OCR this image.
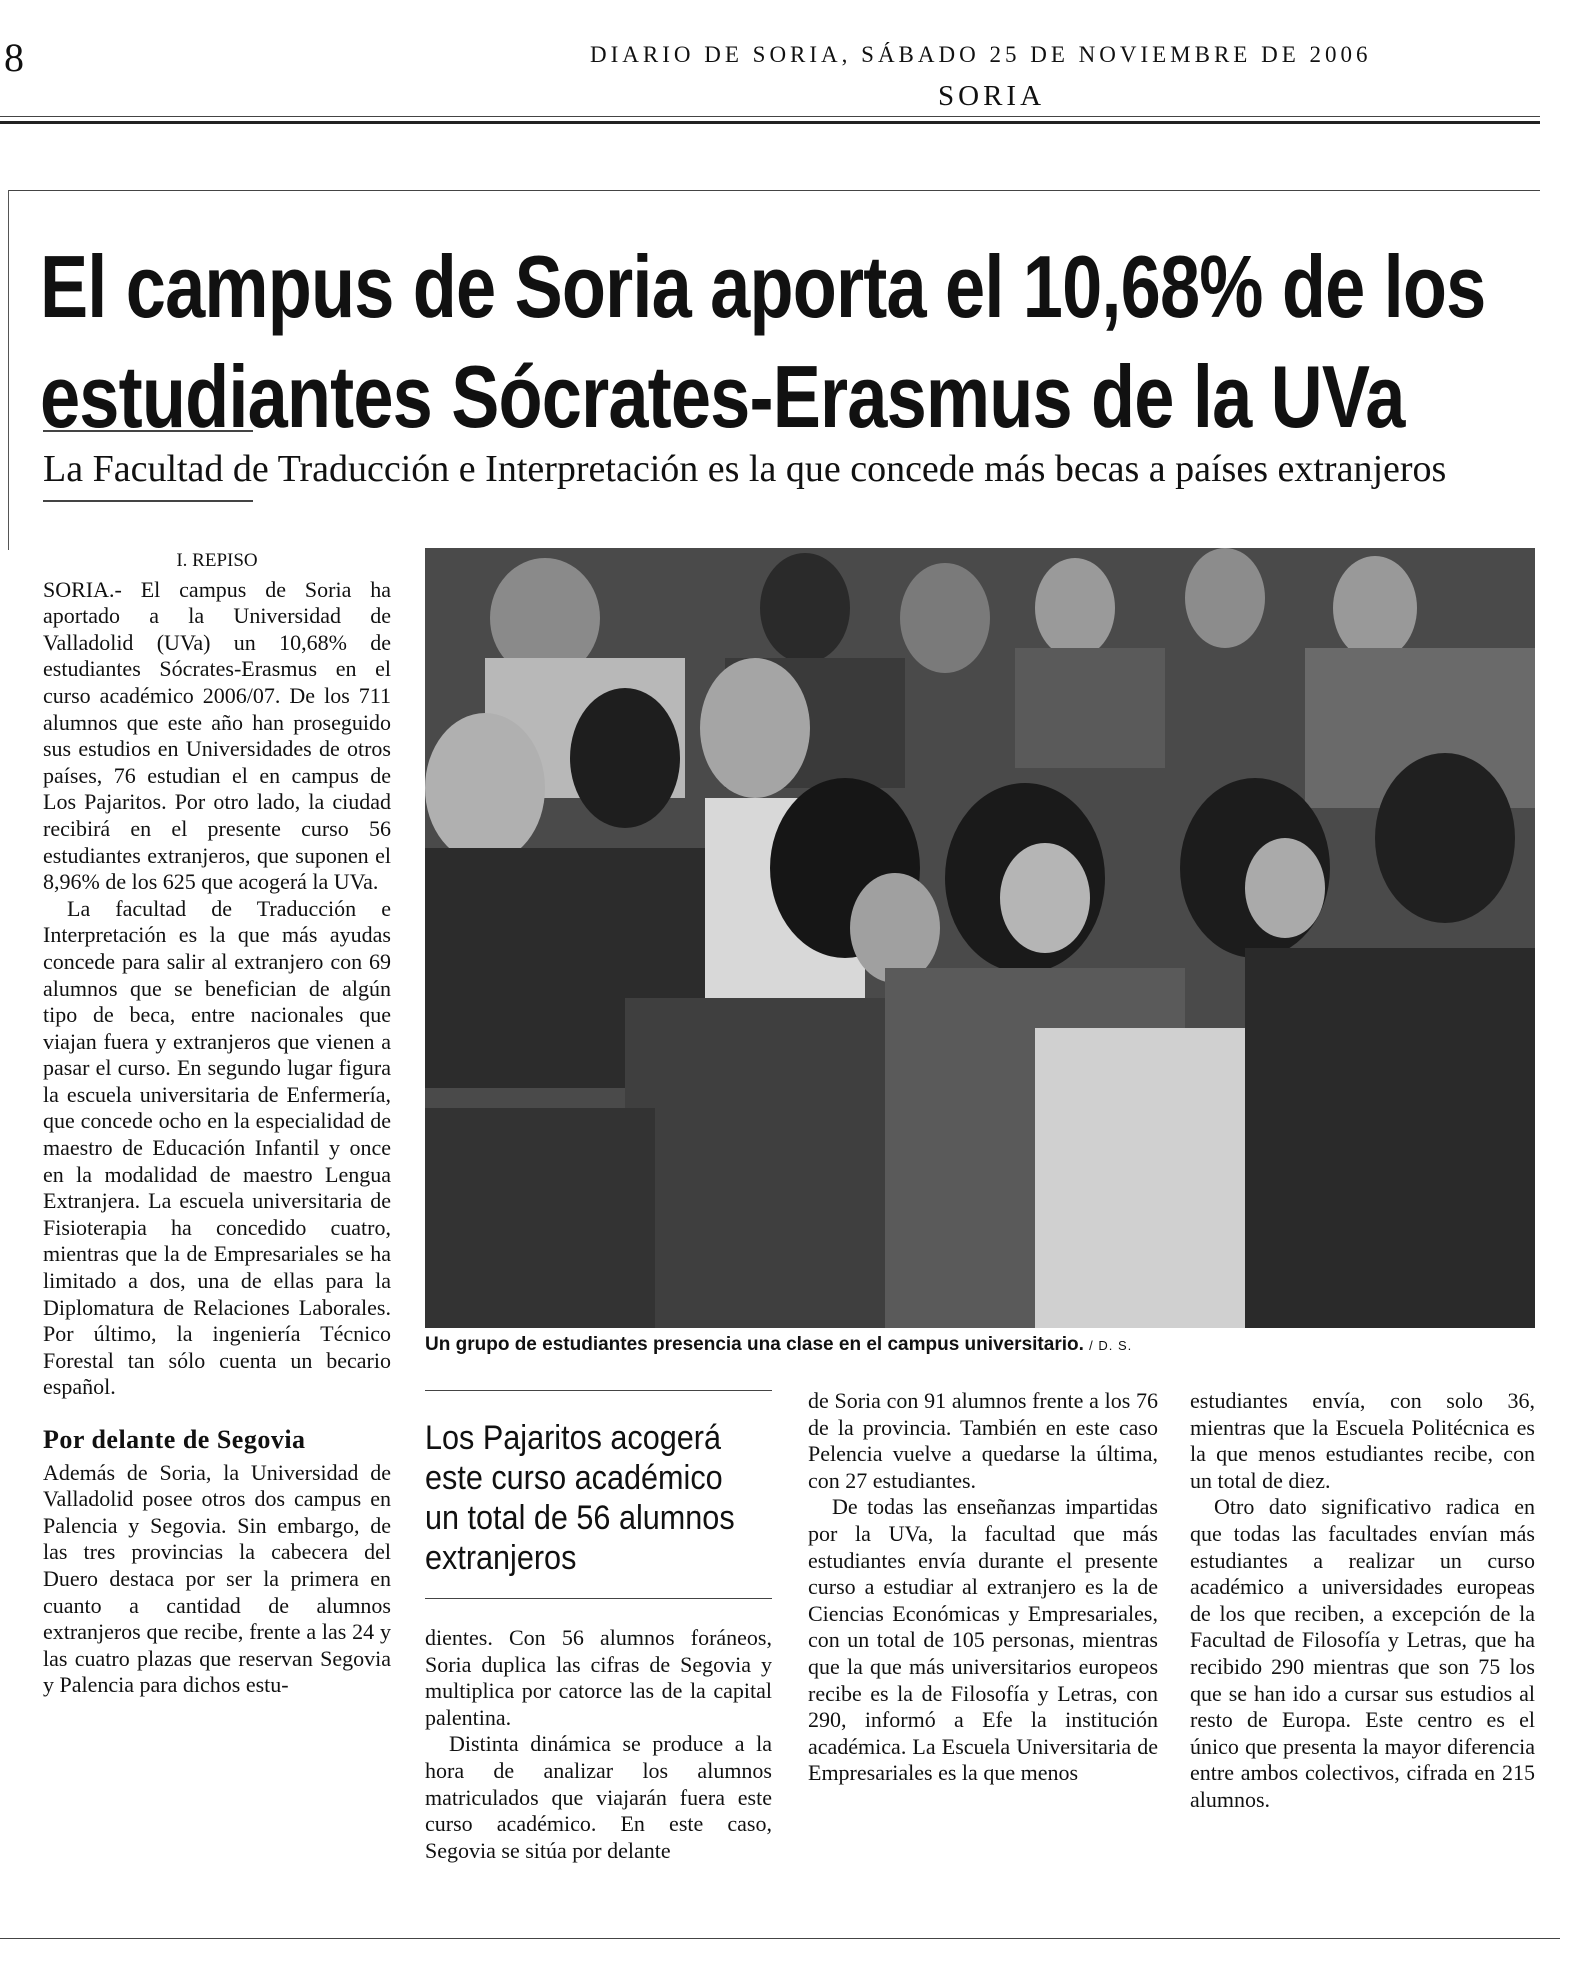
8	DIARIO DE SORIA, SÁBADO 25 DE NOVIEMBRE DE 2006
SORIA
El campus de Soria aporta el 10,68% de los
estudiantes Sócrates-Erasmus de la UVa
La Facultad de Traducción e Interpretación es la que concede más becas a países extranjeros
Un grupo de estudiantes presencia una clase en el campus universitario. / D. S.
I. REPISO

SORIA.- El campus de Soria ha aportado a la Universidad de Valladolid (UVa) un 10,68% de estudiantes Sócrates-Erasmus en el curso académico 2006/07. De los 711 alumnos que este año han proseguido sus estudios en Universidades de otros países, 76 estudian el en campus de Los Pajaritos. Por otro lado, la ciudad recibirá en el presente curso 56 estudiantes extranjeros, que suponen el 8,96% de los 625 que acogerá la UVa.

La facultad de Traducción e Interpretación es la que más ayudas concede para salir al extranjero con 69 alumnos que se benefician de algún tipo de beca, entre nacionales que viajan fuera y extranjeros que vienen a pasar el curso. En segundo lugar figura la escuela universitaria de Enfermería, que concede ocho en la especialidad de maestro de Educación Infantil y once en la modalidad de maestro Lengua Extranjera. La escuela universitaria de Fisioterapia ha concedido cuatro, mientras que la de Empresariales se ha limitado a dos, una de ellas para la Diplomatura de Relaciones Laborales. Por último, la ingeniería Técnico Forestal tan sólo cuenta un becario español.

Por delante de Segovia

Además de Soria, la Universidad de Valladolid posee otros dos campus en Palencia y Segovia. Sin embargo, de las tres provincias la cabecera del Duero destaca por ser la primera en cuanto a cantidad de alumnos extranjeros que recibe, frente a las 24 y las cuatro plazas que reservan Segovia y Palencia para dichos estu-

Los Pajaritos acogerá este curso académico un total de 56 alumnos extranjeros

dientes. Con 56 alumnos foráneos, Soria duplica las cifras de Segovia y multiplica por catorce las de la capital palentina.

Distinta dinámica se produce a la hora de analizar los alumnos matriculados que viajarán fuera este curso académico. En este caso, Segovia se sitúa por delante

de Soria con 91 alumnos frente a los 76 de la provincia. También en este caso Pelencia vuelve a quedarse la última, con 27 estudiantes.

De todas las enseñanzas impartidas por la UVa, la facultad que más estudiantes envía durante el presente curso a estudiar al extranjero es la de Ciencias Económicas y Empresariales, con un total de 105 personas, mientras que la que más universitarios europeos recibe es la de Filosofía y Letras, con 290, informó a Efe la institución académica. La Escuela Universitaria de Empresariales es la que menos

estudiantes envía, con solo 36, mientras que la Escuela Politécnica es la que menos estudiantes recibe, con un total de diez.

Otro dato significativo radica en que todas las facultades envían más estudiantes a realizar un curso académico a universidades europeas de los que reciben, a excepción de la Facultad de Filosofía y Letras, que ha recibido 290 mientras que son 75 los que se han ido a cursar sus estudios al resto de Europa. Este centro es el único que presenta la mayor diferencia entre ambos colectivos, cifrada en 215 alumnos.
